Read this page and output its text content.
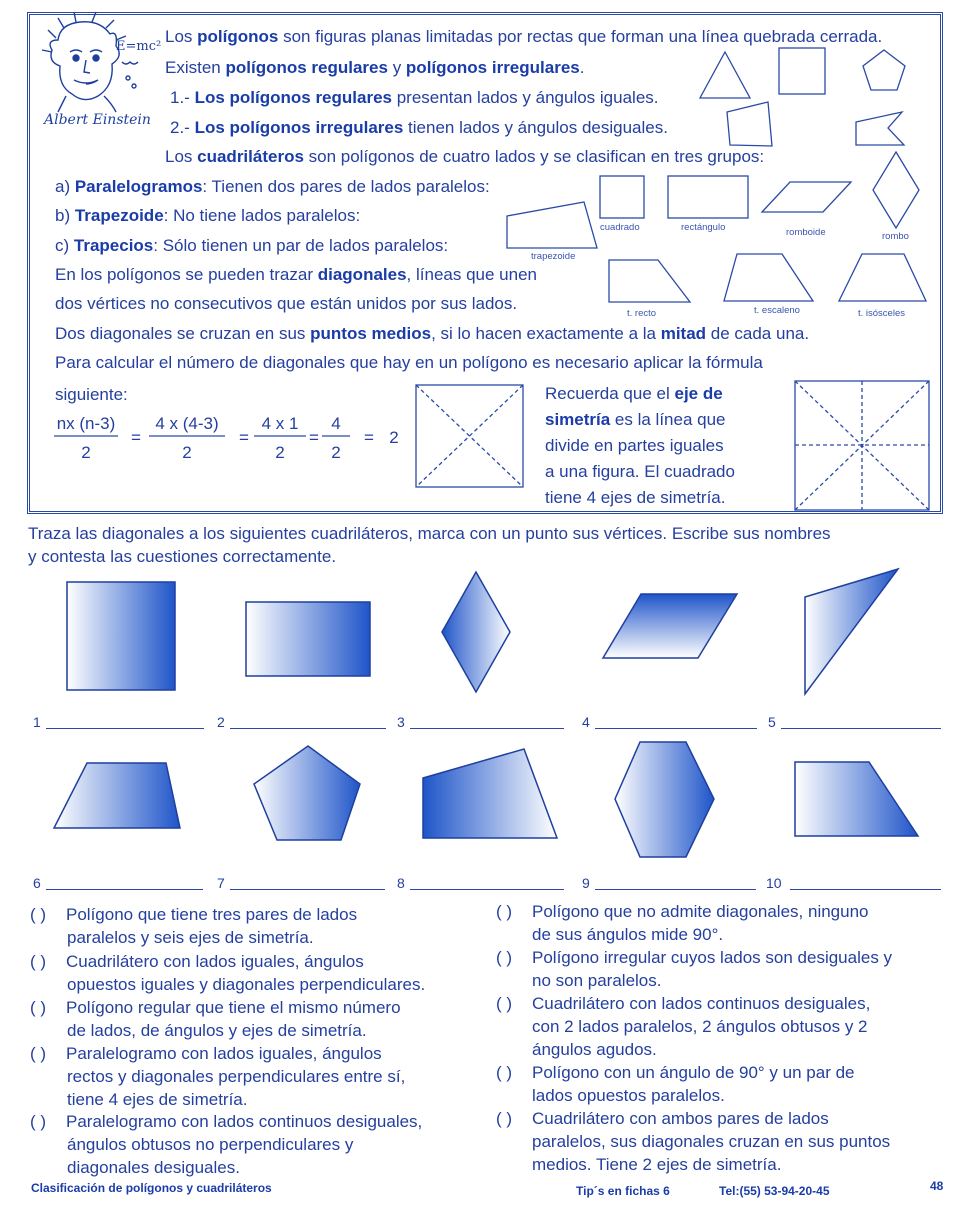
E=mc²
Albert Einstein
Los polígonos son figuras planas limitadas por rectas que forman una línea quebrada cerrada.
Existen polígonos regulares y polígonos irregulares.
1.- Los polígonos regulares presentan lados y ángulos iguales.
2.- Los polígonos irregulares tienen lados y ángulos desiguales.
Los cuadriláteros son polígonos de cuatro lados y se clasifican en tres grupos:
a) Paralelogramos: Tienen dos pares de lados paralelos:
b) Trapezoide: No tiene lados paralelos:
c) Trapecios: Sólo tienen un par de lados paralelos:
En los polígonos se pueden trazar diagonales, líneas que unen
dos vértices no consecutivos que están unidos por sus lados.
Dos diagonales se cruzan en sus puntos medios, si lo hacen exactamente a la mitad de cada una.
Para calcular el número de diagonales que hay en un polígono es necesario aplicar la fórmula
siguiente:
cuadrado	rectángulo	romboide	rombo
trapezoide
t. recto	t. escaleno	t. isósceles
nx (n-3)
2
=
4 x (4-3)
2
=
4 x 1
2
=
4
2
= 2
Recuerda que el eje de
simetría es la línea que
divide en partes iguales
a una figura. El cuadrado
tiene 4 ejes de simetría.
Traza las diagonales a los siguientes cuadriláteros, marca con un punto sus vértices. Escribe sus nombres
y contesta las cuestiones correctamente.
1	2	3	4	5
6	7	8	9	10
( ) Polígono que tiene tres pares de lados
paralelos y seis ejes de simetría.
( ) Cuadrilátero con lados iguales, ángulos
opuestos iguales y diagonales perpendiculares.
( ) Polígono regular que tiene el mismo número
de lados, de ángulos y ejes de simetría.
( ) Paralelogramo con lados iguales, ángulos
rectos y diagonales perpendiculares entre sí,
tiene 4 ejes de simetría.
( ) Paralelogramo con lados continuos desiguales,
ángulos obtusos no perpendiculares y
diagonales desiguales.
( ) Polígono que no admite diagonales, ninguno
de sus ángulos mide 90°.
( ) Polígono irregular cuyos lados son desiguales y
no son paralelos.
( ) Cuadrilátero con lados continuos desiguales,
con 2 lados paralelos, 2 ángulos obtusos y 2
ángulos agudos.
( ) Polígono con un ángulo de 90° y un par de
lados opuestos paralelos.
( ) Cuadrilátero con ambos pares de lados
paralelos, sus diagonales cruzan en sus puntos
medios. Tiene 2 ejes de simetría.
Clasificación de polígonos y cuadriláteros	Tip´s en fichas 6	Tel:(55) 53-94-20-45	48
